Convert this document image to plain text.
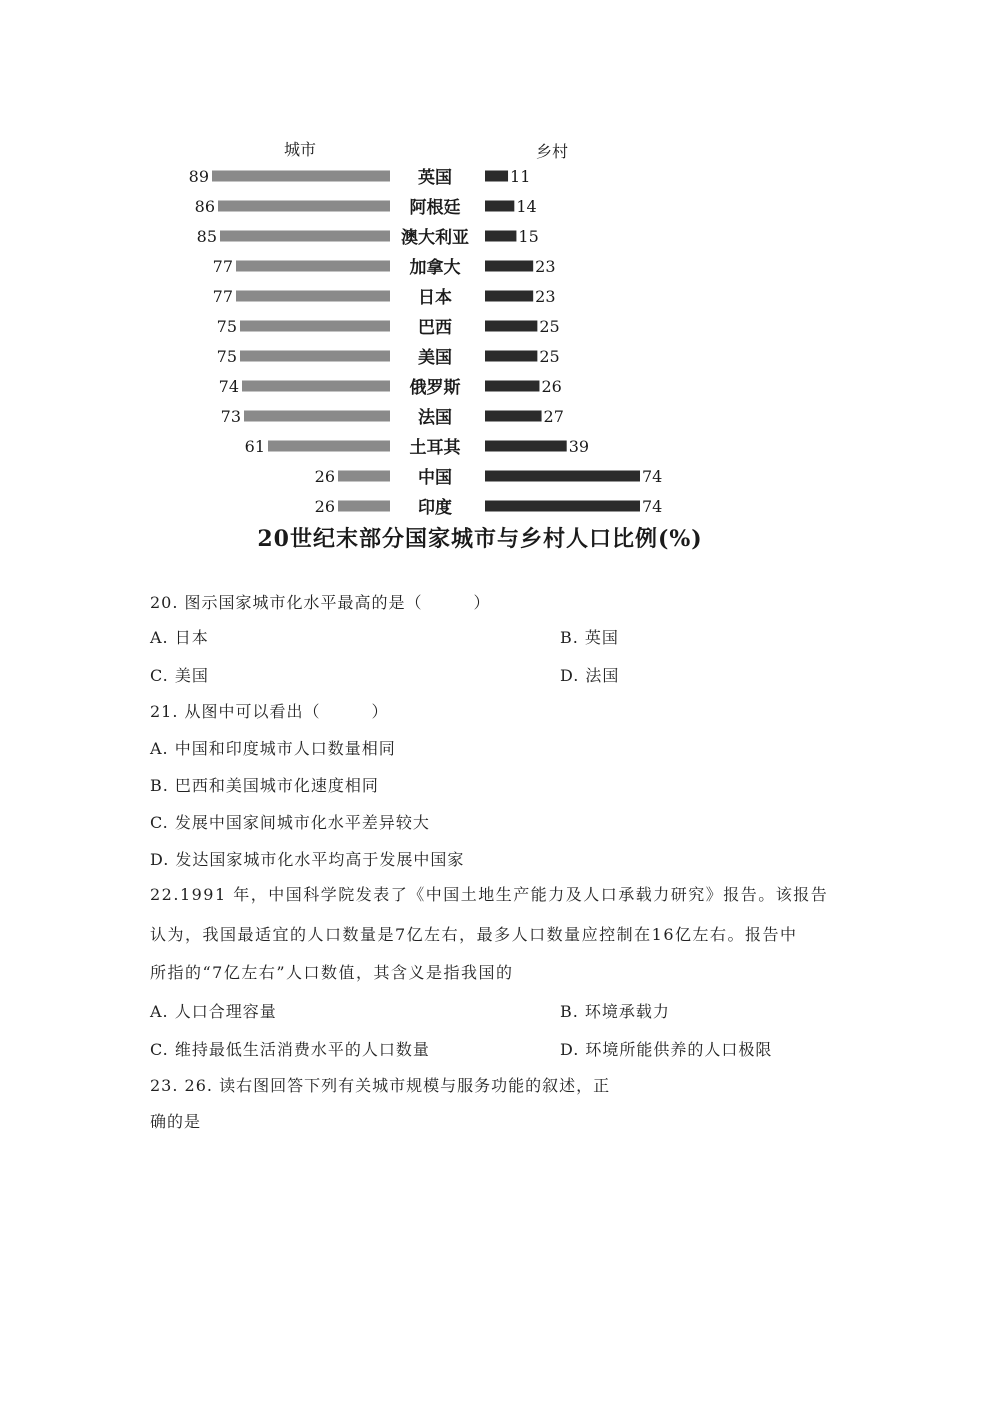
城市	乡村
89	英国	11
86	阿根廷	14
85	澳大利亚	15
77	加拿大	23
77	日本	23
75	巴西	25
75	美国	25
74	俄罗斯	26
73	法国	27
61	土耳其	39
26	中国	74
26	印度	74
20世纪末部分国家城市与乡村人口比例(%)
20. 图示国家城市化水平最高的是（　　　）
A. 日本	B. 英国
C. 美国	D. 法国
21. 从图中可以看出（　　　）
A. 中国和印度城市人口数量相同
B. 巴西和美国城市化速度相同
C. 发展中国家间城市化水平差异较大
D. 发达国家城市化水平均高于发展中国家
22.1991 年，中国科学院发表了《中国土地生产能力及人口承载力研究》报告。该报告
认为，我国最适宜的人口数量是7亿左右，最多人口数量应控制在16亿左右。报告中
所指的“7亿左右”人口数值，其含义是指我国的
A. 人口合理容量	B. 环境承载力
C. 维持最低生活消费水平的人口数量	D. 环境所能供养的人口极限
23. 26. 读右图回答下列有关城市规模与服务功能的叙述，正
确的是
